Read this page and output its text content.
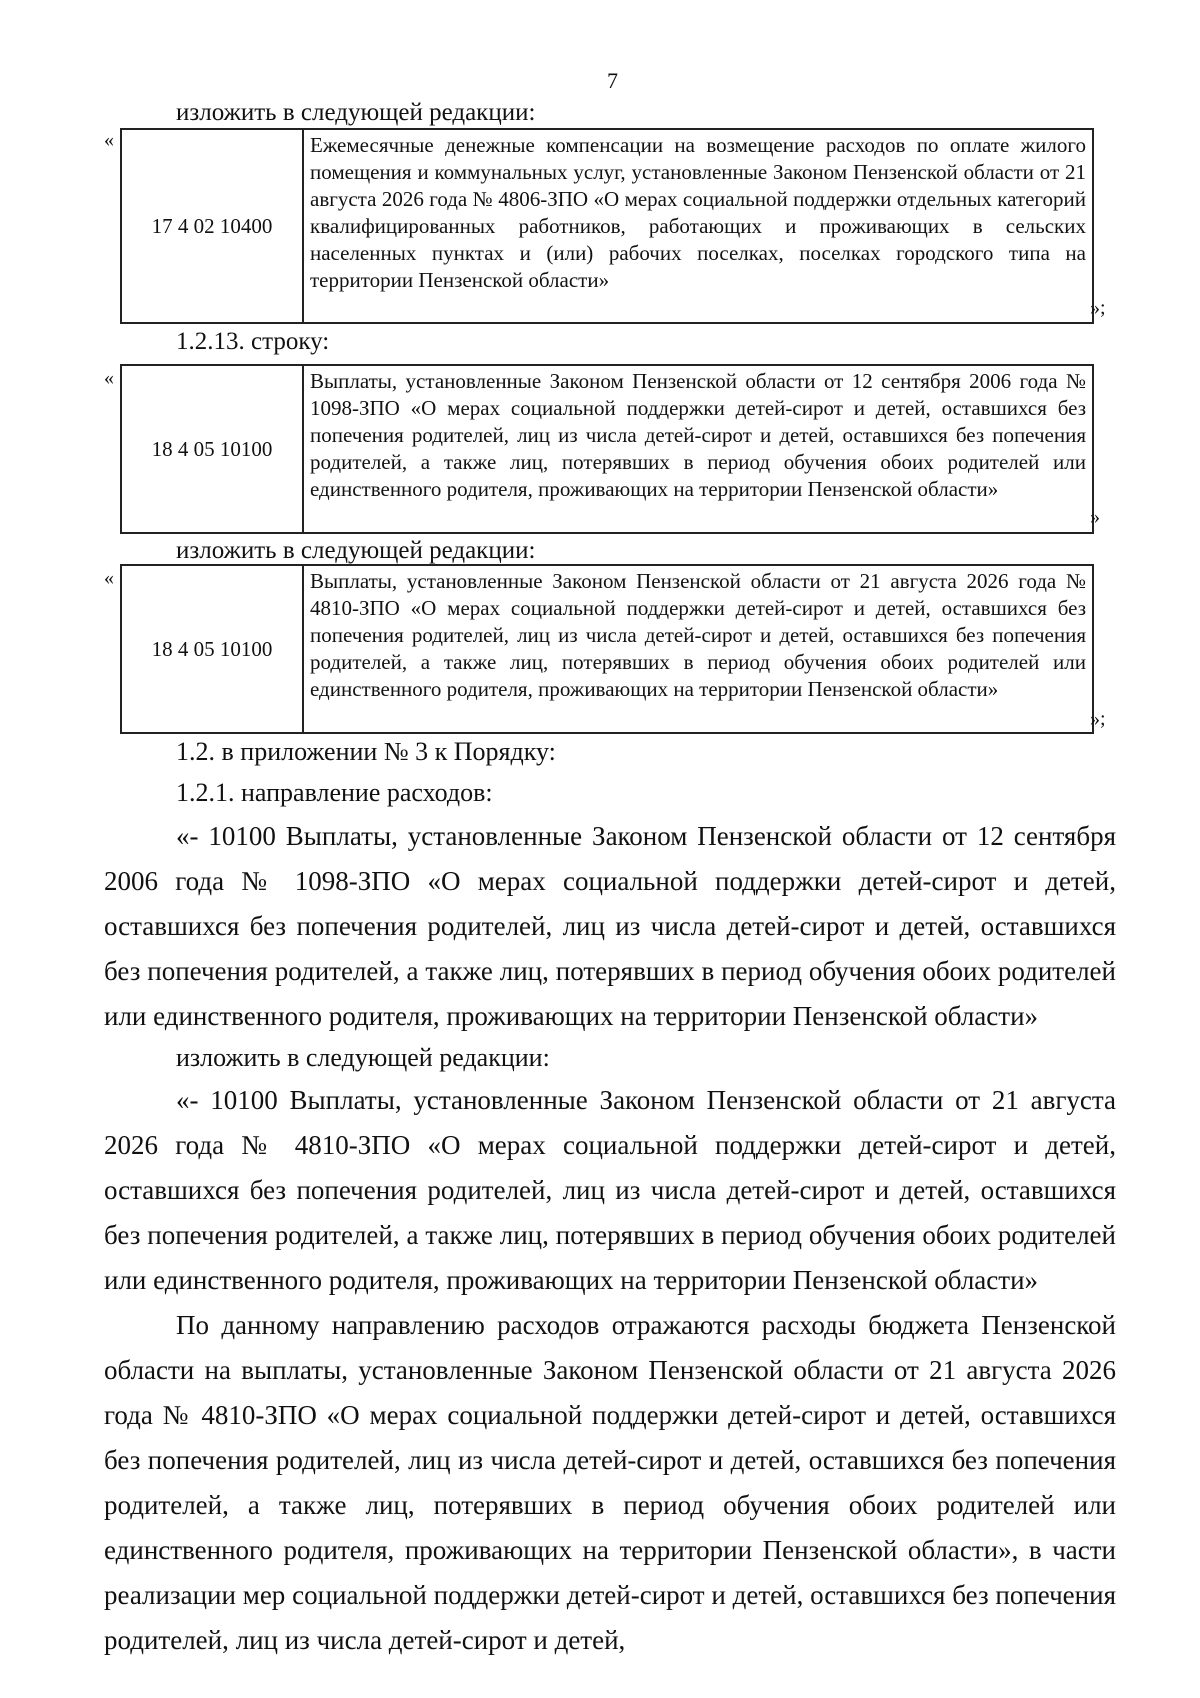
7
изложить в следующей редакции:
«
17 4 02 10400
Ежемесячные денежные компенсации на возмещение расходов по оплате жилого помещения и коммунальных услуг, установленные Законом Пензенской области от 21 августа 2026 года № 4806-ЗПО «О мерах социальной поддержки отдельных категорий квалифицированных работников, работающих и проживающих в сельских населенных пунктах и (или) рабочих поселках, поселках городского типа на территории Пензенской области»
»;
1.2.13. строку:
«
18 4 05 10100
Выплаты, установленные Законом Пензенской области от 12 сентября 2006 года № 1098-ЗПО «О мерах социальной поддержки детей-сирот и детей, оставшихся без попечения родителей, лиц из числа детей-сирот и детей, оставшихся без попечения родителей, а также лиц, потерявших в период обучения обоих родителей или единственного родителя, проживающих на территории Пензенской области»
»
изложить в следующей редакции:
«
18 4 05 10100
Выплаты, установленные Законом Пензенской области от 21 августа 2026 года № 4810-ЗПО «О мерах социальной поддержки детей-сирот и детей, оставшихся без попечения родителей, лиц из числа детей-сирот и детей, оставшихся без попечения родителей, а также лиц, потерявших в период обучения обоих родителей или единственного родителя, проживающих на территории Пензенской области»
»;
1.2. в приложении № 3 к Порядку:
1.2.1. направление расходов:
«- 10100 Выплаты, установленные Законом Пензенской области от 12 сентября 2006 года № 1098-ЗПО «О мерах социальной поддержки детей-сирот и детей, оставшихся без попечения родителей, лиц из числа детей-сирот и детей, оставшихся без попечения родителей, а также лиц, потерявших в период обучения обоих родителей или единственного родителя, проживающих на территории Пензенской области»
изложить в следующей редакции:
«- 10100 Выплаты, установленные Законом Пензенской области от 21 августа 2026 года № 4810-ЗПО «О мерах социальной поддержки детей-сирот и детей, оставшихся без попечения родителей, лиц из числа детей-сирот и детей, оставшихся без попечения родителей, а также лиц, потерявших в период обучения обоих родителей или единственного родителя, проживающих на территории Пензенской области»
По данному направлению расходов отражаются расходы бюджета Пензенской области на выплаты, установленные Законом Пензенской области от 21 августа 2026 года № 4810-ЗПО «О мерах социальной поддержки детей-сирот и детей, оставшихся без попечения родителей, лиц из числа детей-сирот и детей, оставшихся без попечения родителей, а также лиц, потерявших в период обучения обоих родителей или единственного родителя, проживающих на территории Пензенской области», в части реализации мер социальной поддержки детей-сирот и детей, оставшихся без попечения родителей, лиц из числа детей-сирот и детей,
